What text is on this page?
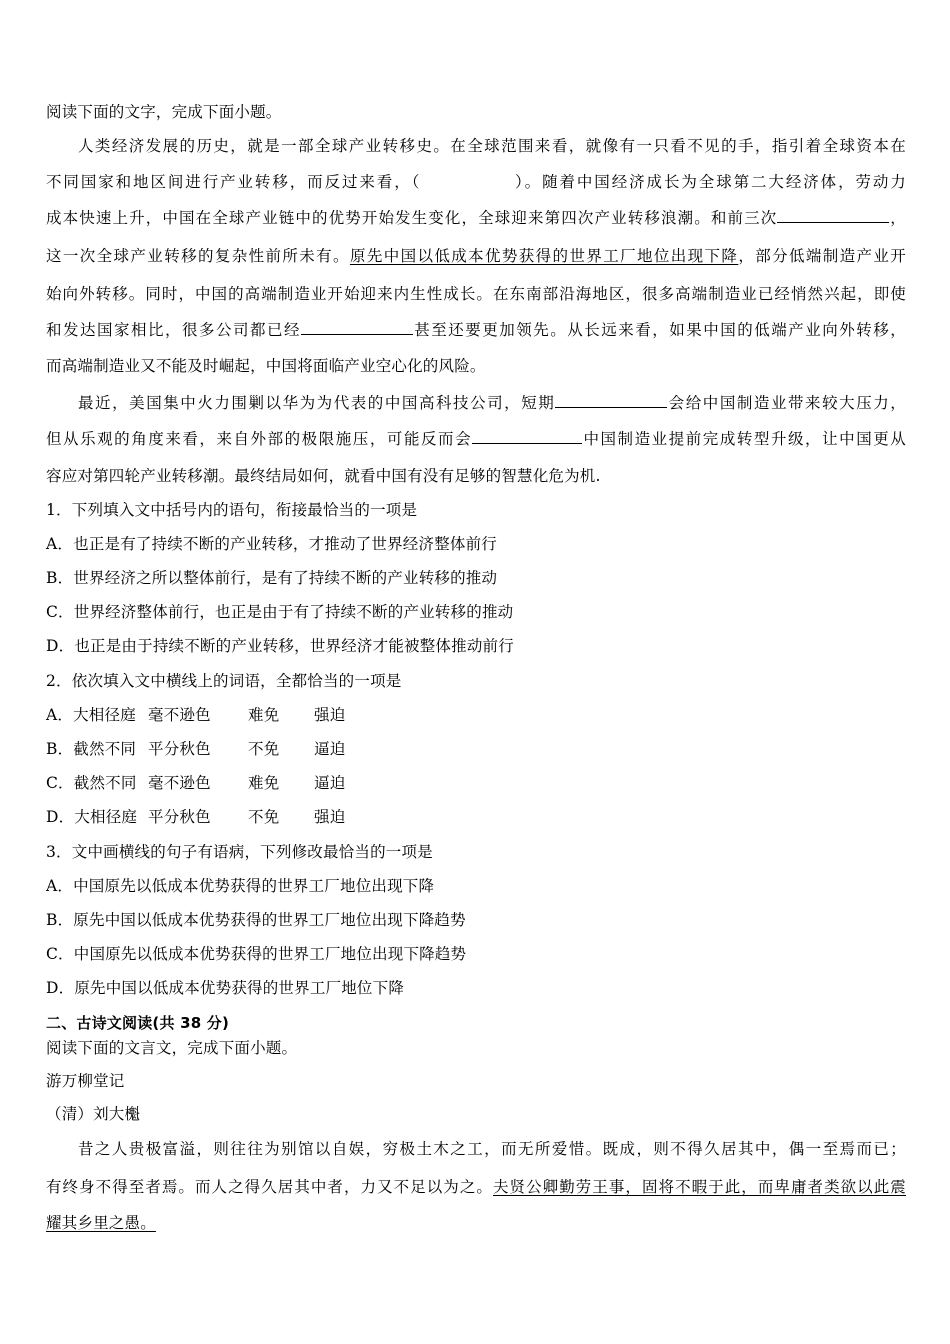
阅读下面的文字，完成下面小题。
人类经济发展的历史，就是一部全球产业转移史。在全球范围来看，就像有一只看不见的手，指引着全球资本在
不同国家和地区间进行产业转移，而反过来看，（	）。随着中国经济成长为全球第二大经济体，劳动力
成本快速上升，中国在全球产业链中的优势开始发生变化，全球迎来第四次产业转移浪潮。和前三次	，
这一次全球产业转移的复杂性前所未有。原先中国以低成本优势获得的世界工厂地位出现下降，部分低端制造产业开
始向外转移。同时，中国的高端制造业开始迎来内生性成长。在东南部沿海地区，很多高端制造业已经悄然兴起，即使
和发达国家相比，很多公司都已经	甚至还要更加领先。从长远来看，如果中国的低端产业向外转移，
而高端制造业又不能及时崛起，中国将面临产业空心化的风险。
最近，美国集中火力围剿以华为为代表的中国高科技公司，短期	会给中国制造业带来较大压力，
但从乐观的角度来看，来自外部的极限施压，可能反而会	中国制造业提前完成转型升级，让中国更从
容应对第四轮产业转移潮。最终结局如何，就看中国有没有足够的智慧化危为机.
1．下列填入文中括号内的语句，衔接最恰当的一项是
A．也正是有了持续不断的产业转移，才推动了世界经济整体前行
B．世界经济之所以整体前行，是有了持续不断的产业转移的推动
C．世界经济整体前行，也正是由于有了持续不断的产业转移的推动
D．也正是由于持续不断的产业转移，世界经济才能被整体推动前行
2．依次填入文中横线上的词语，全都恰当的一项是
A．大相径庭 毫不逊色 难免 强迫
B．截然不同 平分秋色 不免 逼迫
C．截然不同 毫不逊色 难免 逼迫
D．大相径庭 平分秋色 不免 强迫
3．文中画横线的句子有语病，下列修改最恰当的一项是
A．中国原先以低成本优势获得的世界工厂地位出现下降
B．原先中国以低成本优势获得的世界工厂地位出现下降趋势
C．中国原先以低成本优势获得的世界工厂地位出现下降趋势
D．原先中国以低成本优势获得的世界工厂地位下降
二、古诗文阅读(共 38 分)
阅读下面的文言文，完成下面小题。
游万柳堂记
（清）刘大櫆
昔之人贵极富溢，则往往为别馆以自娱，穷极土木之工，而无所爱惜。既成，则不得久居其中，偶一至焉而已；
有终身不得至者焉。而人之得久居其中者，力又不足以为之。夫贤公卿勤劳王事，固将不暇于此，而卑庸者类欲以此震
耀其乡里之愚。
